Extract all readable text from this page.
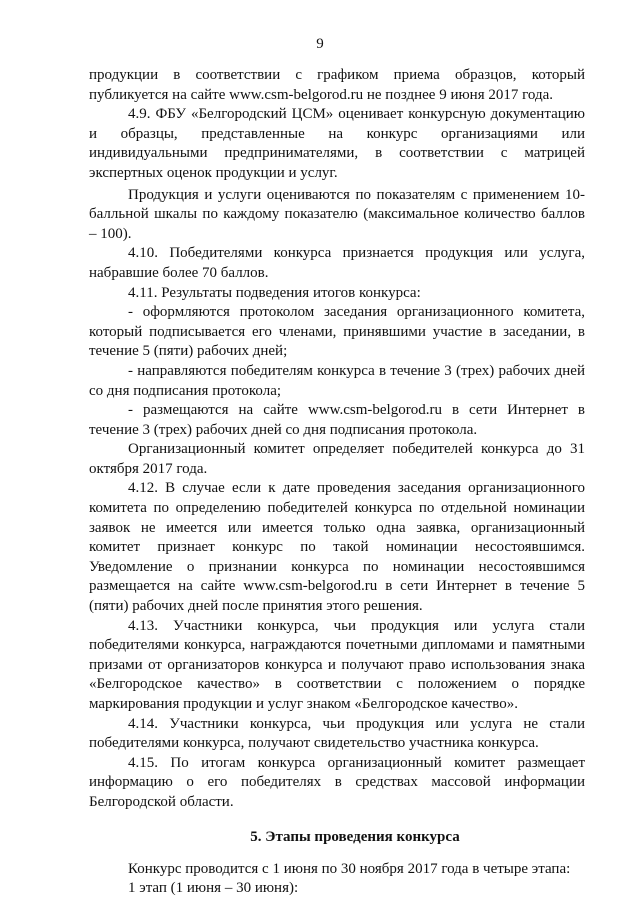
9

продукции в соответствии с графиком приема образцов, который публикуется на сайте www.csm-belgorod.ru не позднее 9 июня 2017 года.

4.9. ФБУ «Белгородский ЦСМ» оценивает конкурсную документацию и образцы, представленные на конкурс организациями или индивидуальными предпринимателями, в соответствии с матрицей экспертных оценок продукции и услуг.

Продукция и услуги оцениваются по показателям с применением 10-балльной шкалы по каждому показателю (максимальное количество баллов – 100).

4.10. Победителями конкурса признается продукция или услуга, набравшие более 70 баллов.

4.11. Результаты подведения итогов конкурса:

- оформляются протоколом заседания организационного комитета, который подписывается его членами, принявшими участие в заседании, в течение 5 (пяти) рабочих дней;

- направляются победителям конкурса в течение 3 (трех) рабочих дней со дня подписания протокола;

- размещаются на сайте www.csm-belgorod.ru в сети Интернет в течение 3 (трех) рабочих дней со дня подписания протокола.

Организационный комитет определяет победителей конкурса до 31 октября 2017 года.

4.12. В случае если к дате проведения заседания организационного комитета по определению победителей конкурса по отдельной номинации заявок не имеется или имеется только одна заявка, организационный комитет признает конкурс по такой номинации несостоявшимся. Уведомление о признании конкурса по номинации несостоявшимся размещается на сайте www.csm-belgorod.ru в сети Интернет в течение 5 (пяти) рабочих дней после принятия этого решения.

4.13. Участники конкурса, чьи продукция или услуга стали победителями конкурса, награждаются почетными дипломами и памятными призами от организаторов конкурса и получают право использования знака «Белгородское качество» в соответствии с положением о порядке маркирования продукции и услуг знаком «Белгородское качество».

4.14. Участники конкурса, чьи продукция или услуга не стали победителями конкурса, получают свидетельство участника конкурса.

4.15. По итогам конкурса организационный комитет размещает информацию о его победителях в средствах массовой информации Белгородской области.

5. Этапы проведения конкурса

Конкурс проводится с 1 июня по 30 ноября 2017 года в четыре этапа:

1 этап (1 июня – 30 июня):
